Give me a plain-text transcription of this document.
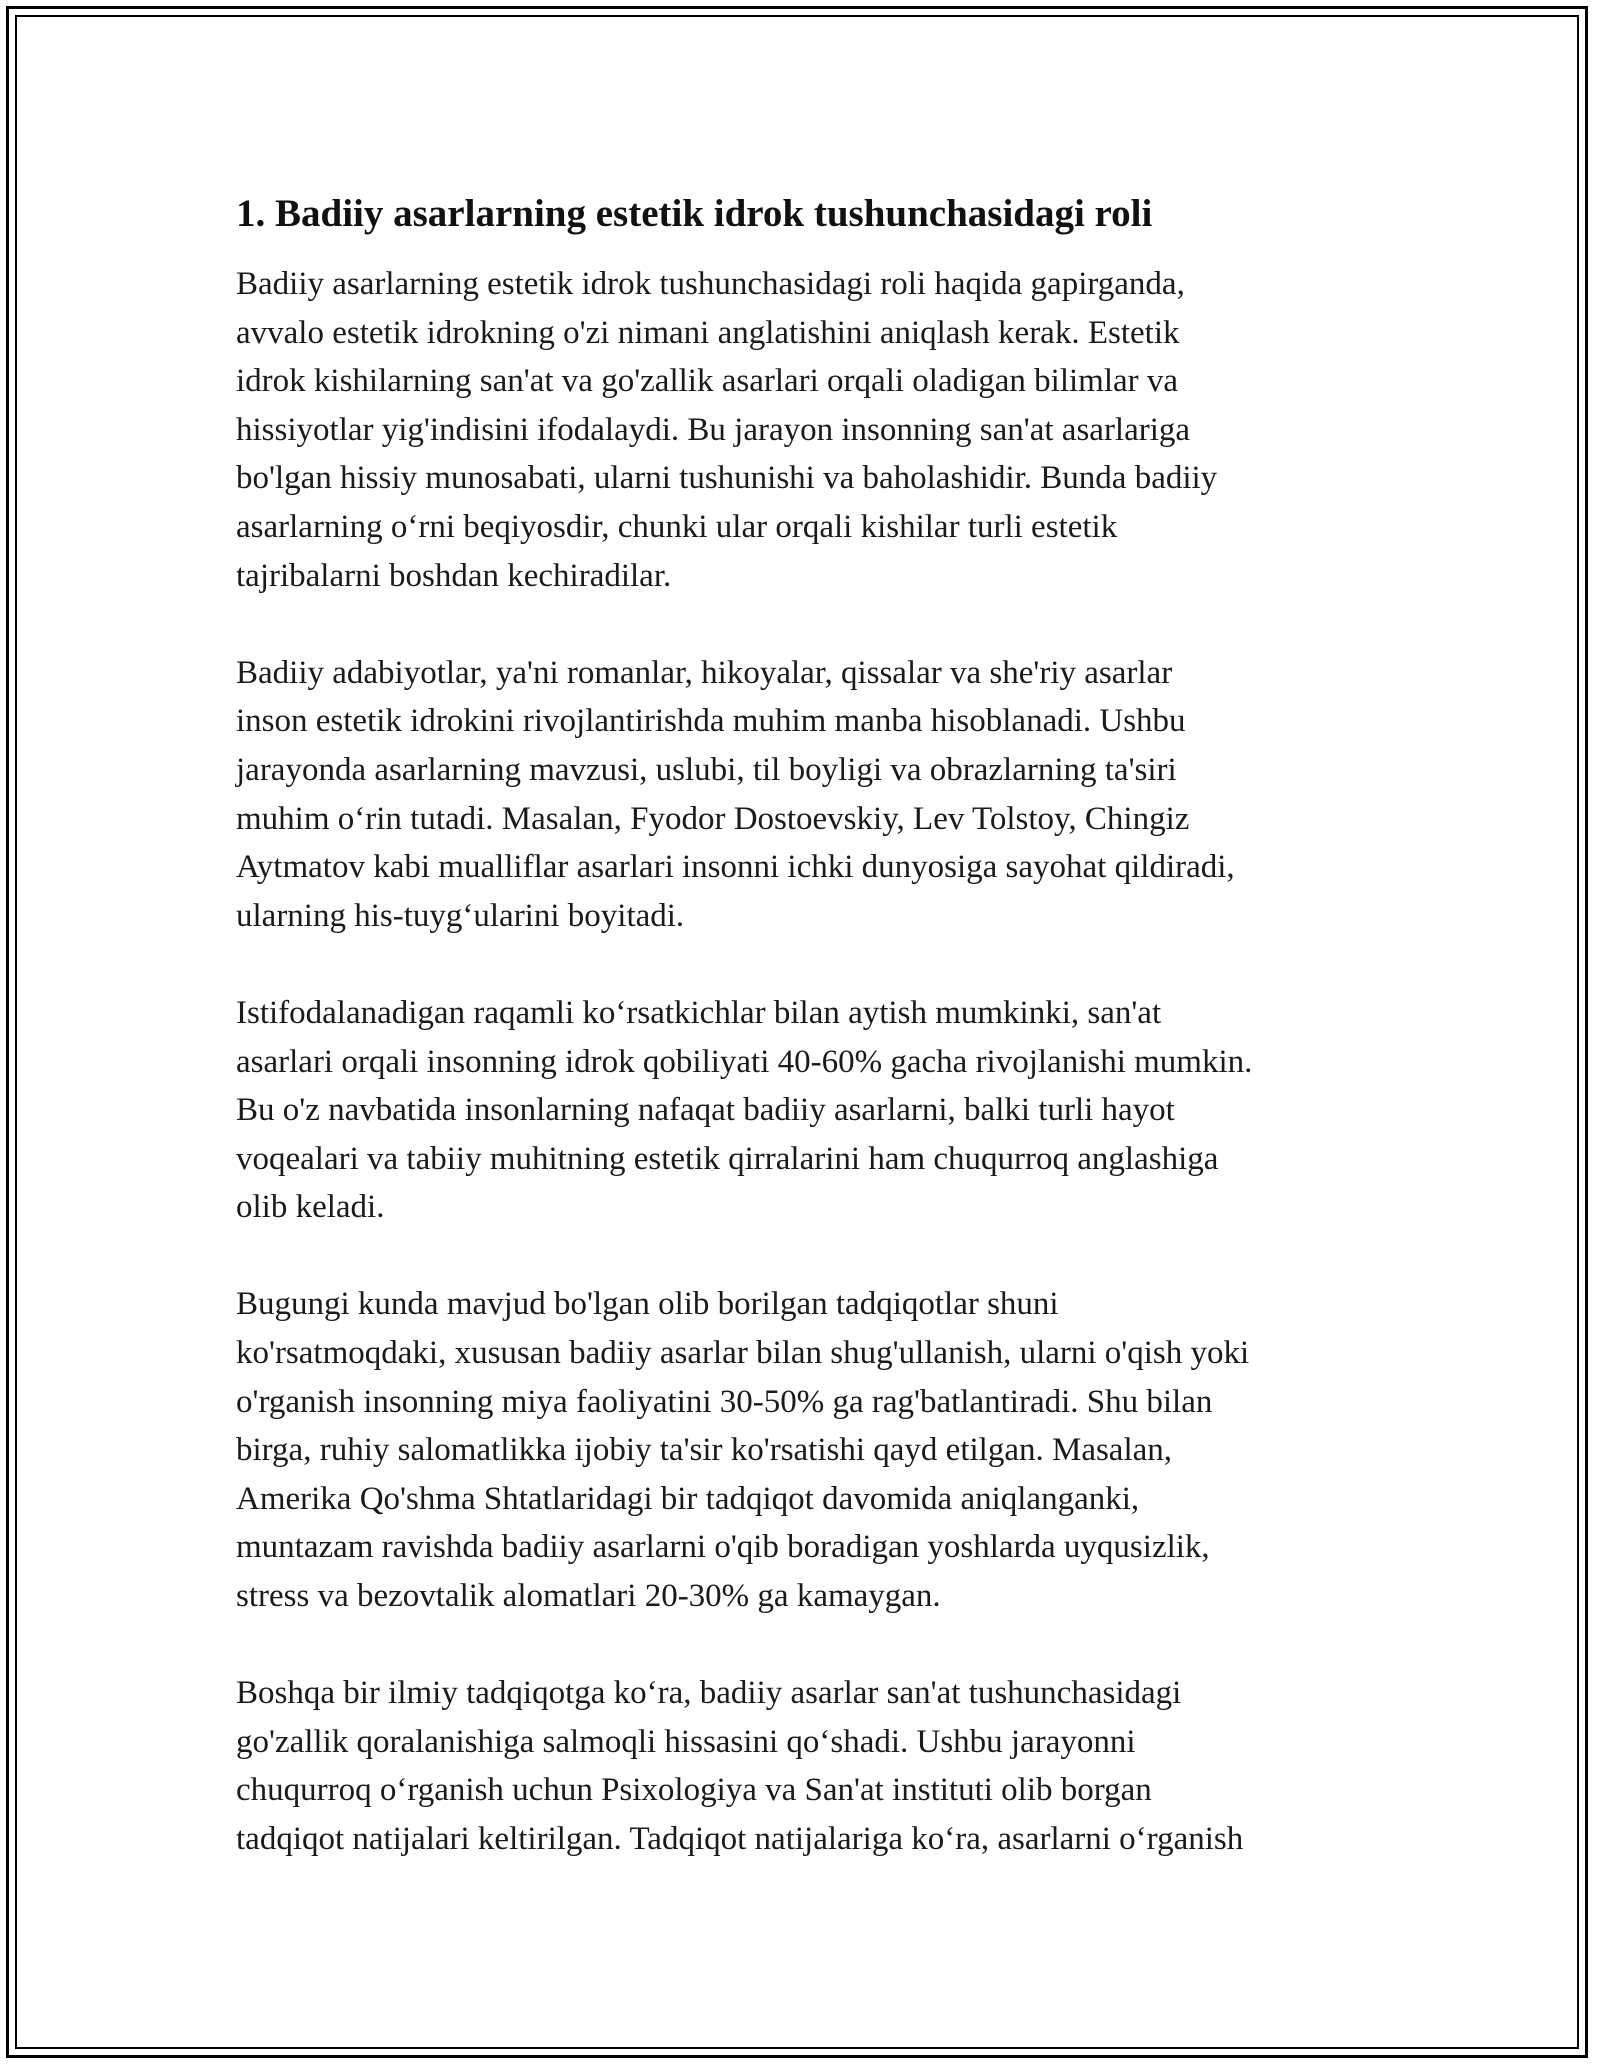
1. Badiiy asarlarning estetik idrok tushunchasidagi roli

Badiiy asarlarning estetik idrok tushunchasidagi roli haqida gapirganda,
avvalo estetik idrokning o'zi nimani anglatishini aniqlash kerak. Estetik
idrok kishilarning san'at va go'zallik asarlari orqali oladigan bilimlar va
hissiyotlar yig'indisini ifodalaydi. Bu jarayon insonning san'at asarlariga
bo'lgan hissiy munosabati, ularni tushunishi va baholashidir. Bunda badiiy
asarlarning oʻrni beqiyosdir, chunki ular orqali kishilar turli estetik
tajribalarni boshdan kechiradilar.

Badiiy adabiyotlar, ya'ni romanlar, hikoyalar, qissalar va she'riy asarlar
inson estetik idrokini rivojlantirishda muhim manba hisoblanadi. Ushbu
jarayonda asarlarning mavzusi, uslubi, til boyligi va obrazlarning ta'siri
muhim oʻrin tutadi. Masalan, Fyodor Dostoevskiy, Lev Tolstoy, Chingiz
Aytmatov kabi mualliflar asarlari insonni ichki dunyosiga sayohat qildiradi,
ularning his-tuygʻularini boyitadi.

Istifodalanadigan raqamli koʻrsatkichlar bilan aytish mumkinki, san'at
asarlari orqali insonning idrok qobiliyati 40-60% gacha rivojlanishi mumkin.
Bu o'z navbatida insonlarning nafaqat badiiy asarlarni, balki turli hayot
voqealari va tabiiy muhitning estetik qirralarini ham chuqurroq anglashiga
olib keladi.

Bugungi kunda mavjud bo'lgan olib borilgan tadqiqotlar shuni
ko'rsatmoqdaki, xususan badiiy asarlar bilan shug'ullanish, ularni o'qish yoki
o'rganish insonning miya faoliyatini 30-50% ga rag'batlantiradi. Shu bilan
birga, ruhiy salomatlikka ijobiy ta'sir ko'rsatishi qayd etilgan. Masalan,
Amerika Qo'shma Shtatlaridagi bir tadqiqot davomida aniqlanganki,
muntazam ravishda badiiy asarlarni o'qib boradigan yoshlarda uyqusizlik,
stress va bezovtalik alomatlari 20-30% ga kamaygan.

Boshqa bir ilmiy tadqiqotga koʻra, badiiy asarlar san'at tushunchasidagi
go'zallik qoralanishiga salmoqli hissasini qoʻshadi. Ushbu jarayonni
chuqurroq oʻrganish uchun Psixologiya va San'at instituti olib borgan
tadqiqot natijalari keltirilgan. Tadqiqot natijalariga koʻra, asarlarni oʻrganish
